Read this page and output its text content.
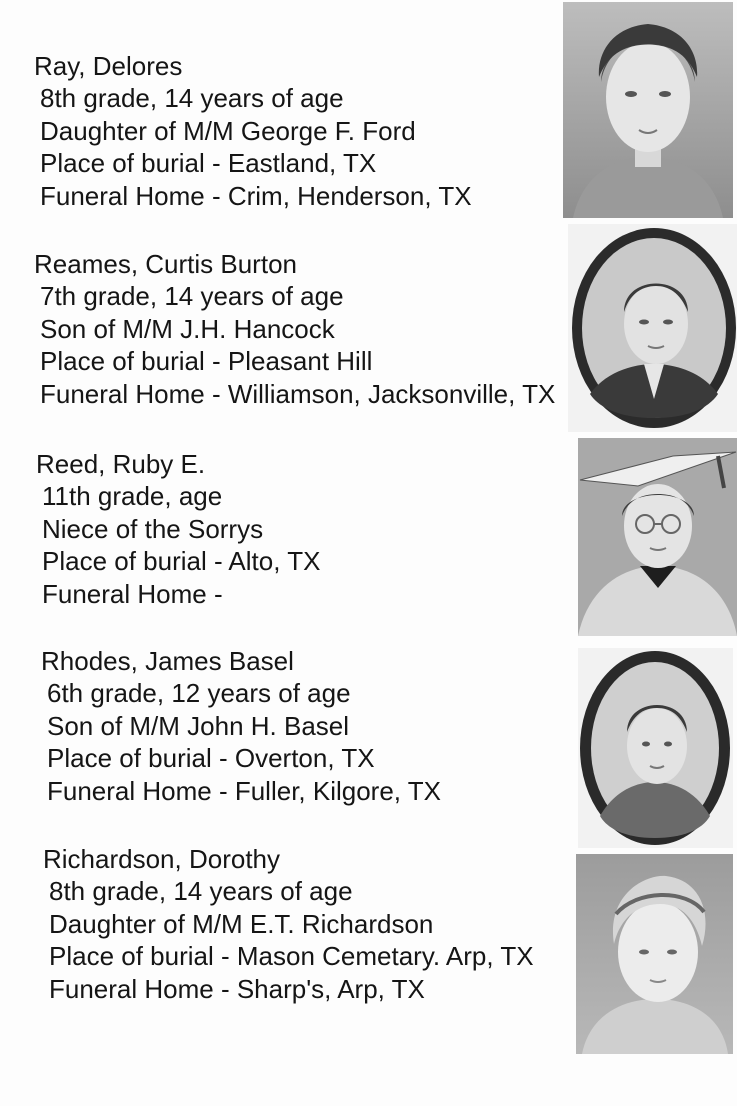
Ray, Delores
8th grade, 14 years of age
Daughter of M/M George F. Ford
Place of burial - Eastland, TX
Funeral Home - Crim, Henderson, TX
Reames, Curtis Burton
7th grade, 14 years of age
Son of M/M J.H. Hancock
Place of burial - Pleasant Hill
Funeral Home - Williamson, Jacksonville, TX
Reed, Ruby E.
11th grade, age
Niece of the Sorrys
Place of burial - Alto, TX
Funeral Home -
Rhodes, James Basel
6th grade, 12 years of age
Son of M/M John H. Basel
Place of burial - Overton, TX
Funeral Home - Fuller, Kilgore, TX
Richardson, Dorothy
8th grade, 14 years of age
Daughter of M/M E.T. Richardson
Place of burial - Mason Cemetary. Arp, TX
Funeral Home - Sharp's, Arp, TX
